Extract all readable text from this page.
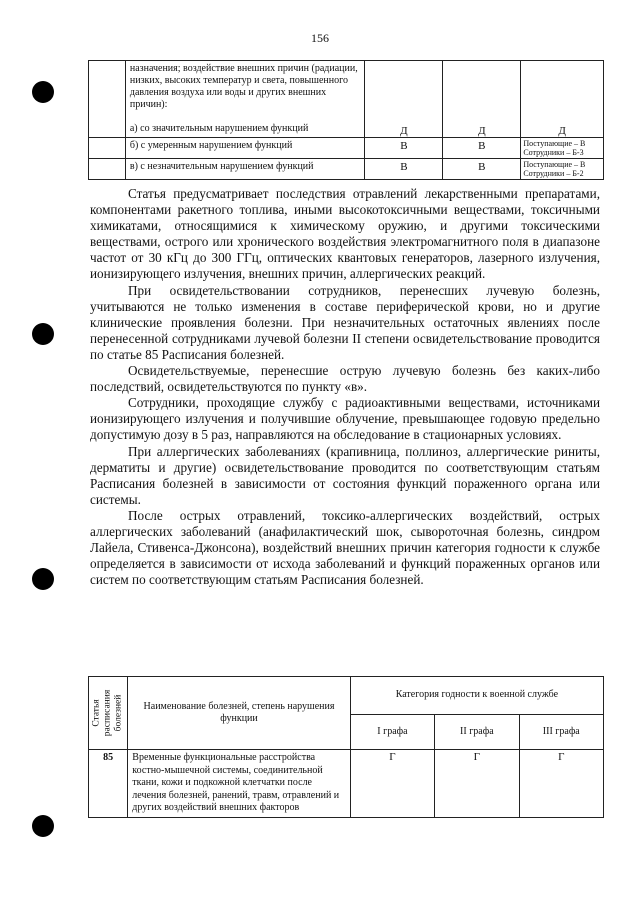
156

	назначения; воздействие внешних причин (радиации, низких, высоких температур и света, повышенного давления воздуха или воды и других внешних причин):
а) со значительным нарушением функций	Д	Д	Д

	б) с умеренным нарушением функций	В	В	Поступающие – В
Сотрудники – Б-3

	в) с незначительным нарушением функций	В	В	Поступающие – В
Сотрудники – Б-2

Статья предусматривает последствия отравлений лекарственными препаратами, компонентами ракетного топлива, иными высокотоксичными веществами, токсичными химикатами, относящимися к химическому оружию, и другими токсическими веществами, острого или хронического воздействия электромагнитного поля в диапазоне частот от 30 кГц до 300 ГГц, оптических квантовых генераторов, лазерного излучения, ионизирующего излучения, внешних причин, аллергических реакций.

При освидетельствовании сотрудников, перенесших лучевую болезнь, учитываются не только изменения в составе периферической крови, но и другие клинические проявления болезни. При незначительных остаточных явлениях после перенесенной сотрудниками лучевой болезни II степени освидетельствование проводится по статье 85 Расписания болезней.

Освидетельствуемые, перенесшие острую лучевую болезнь без каких-либо последствий, освидетельствуются по пункту «в».

Сотрудники, проходящие службу с радиоактивными веществами, источниками ионизирующего излучения и получившие облучение, превышающее годовую предельно допустимую дозу в 5 раз, направляются на обследование в стационарных условиях.

При аллергических заболеваниях (крапивница, поллиноз, аллергические риниты, дерматиты и другие) освидетельствование проводится по соответствующим статьям Расписания болезней в зависимости от состояния функций пораженного органа или системы.

После острых отравлений, токсико-аллергических воздействий, острых аллергических заболеваний (анафилактический шок, сывороточная болезнь, синдром Лайела, Стивенса-Джонсона), воздействий внешних причин категория годности к службе определяется в зависимости от исхода заболеваний и функций пораженных органов или систем по соответствующим статьям Расписания болезней.

Статья расписания болезней	Наименование болезней, степень нарушения функции	Категория годности к военной службе		
		I графа	II графа	III графа
85	Временные функциональные расстройства костно-мышечной системы, соединительной ткани, кожи и подкожной клетчатки после лечения болезней, ранений, травм, отравлений и других воздействий внешних факторов	Г	Г	Г
